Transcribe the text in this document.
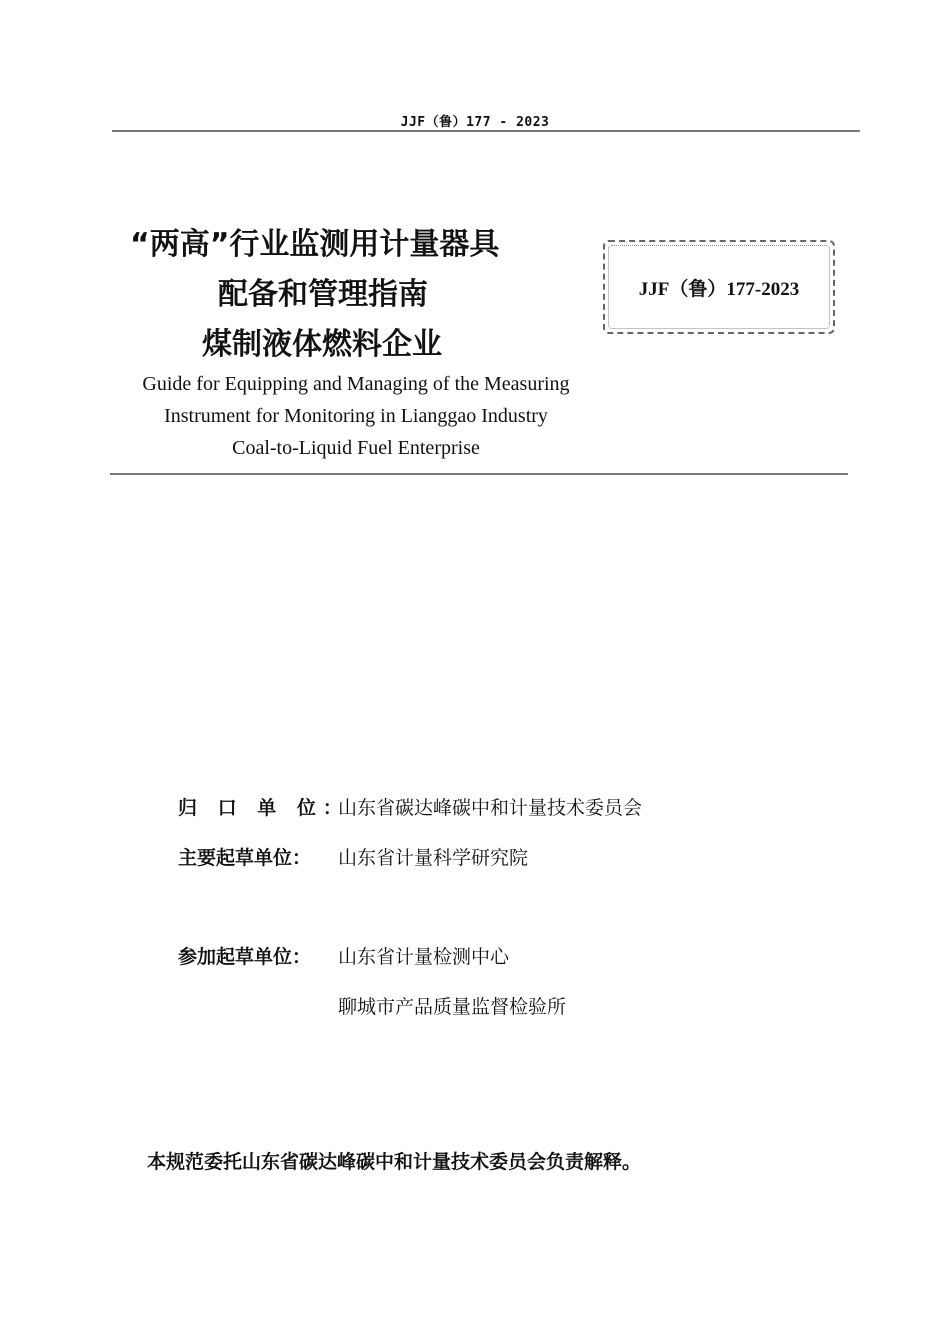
JJF（鲁）177 - 2023
“两高”行业监测用计量器具
配备和管理指南
煤制液体燃料企业
Guide for Equipping and Managing of the Measuring
Instrument for Monitoring in Lianggao Industry
Coal-to-Liquid Fuel Enterprise
JJF（鲁）177-2023
归 口 单 位：山东省碳达峰碳中和计量技术委员会
主要起草单位： 山东省计量科学研究院
参加起草单位： 山东省计量检测中心
聊城市产品质量监督检验所
本规范委托山东省碳达峰碳中和计量技术委员会负责解释。
